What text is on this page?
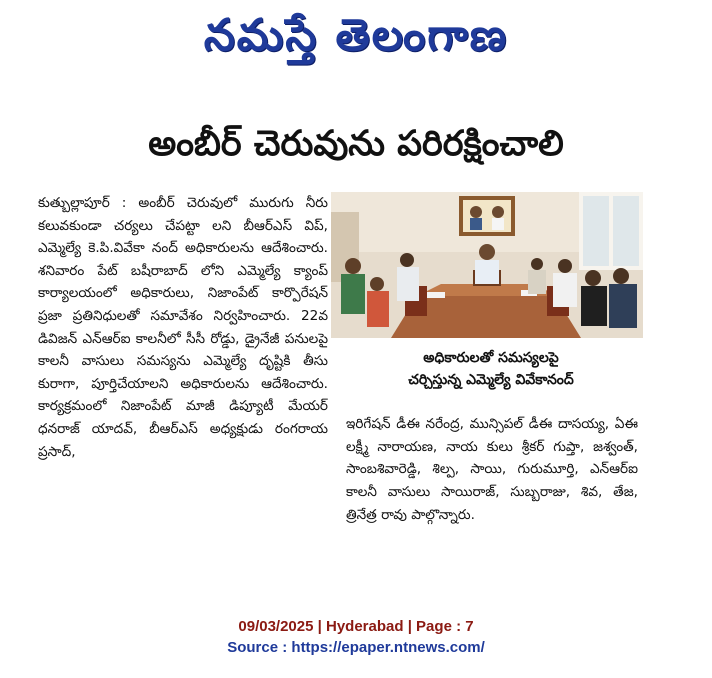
నమస్తే తెలంగాణ
అంబీర్ చెరువును పరిరక్షించాలి
కుత్బుల్లాపూర్ : అంబీర్ చెరువులో మురుగు నీరు కలువకుండా చర్యలు చేపట్టా లని బీఆర్ఎస్ విప్, ఎమ్మెల్యే కె.పి.వివేకా నంద్ అధికారులను ఆదేశించారు. శనివారం పేట్ బషీరాబాద్ లోని ఎమ్మెల్యే క్యాంప్ కార్యాలయంలో అధికారులు, నిజాంపేట్ కార్పొరేషన్ ప్రజా ప్రతినిధులతో సమావేశం నిర్వహించారు. 22వ డివిజన్ ఎన్ఆర్ఐ కాలనీలో సీసీ రోడ్డు, డ్రైనేజీ పనులపై కాలనీ వాసులు సమస్యను ఎమ్మెల్యే దృష్టికి తీసు కురాగా, పూర్తిచేయాలని అధికారులను ఆదేశించారు. కార్యక్రమంలో నిజాంపేట్ మాజీ డిప్యూటీ మేయర్ ధనరాజ్ యాదవ్, బీఆర్ఎస్ అధ్యక్షుడు రంగరాయ ప్రసాద్,
అధికారులతో సమస్యలపై
చర్చిస్తున్న ఎమ్మెల్యే వివేకానంద్
ఇరిగేషన్ డీఈ నరేంద్ర, మున్సిపల్ డీఈ దాసయ్య, ఏఈ లక్ష్మీ నారాయణ, నాయ కులు శ్రీకర్ గుప్తా, జశ్వంత్, సాంబశివారెడ్డి, శిల్ప, సాయి, గురుమూర్తి, ఎన్ఆర్ఐ కాలనీ వాసులు సాయిరాజ్, సుబ్బరాజు, శివ, తేజ, త్రినేత్ర రావు పాల్గొన్నారు.
09/03/2025 | Hyderabad | Page : 7
Source : https://epaper.ntnews.com/
